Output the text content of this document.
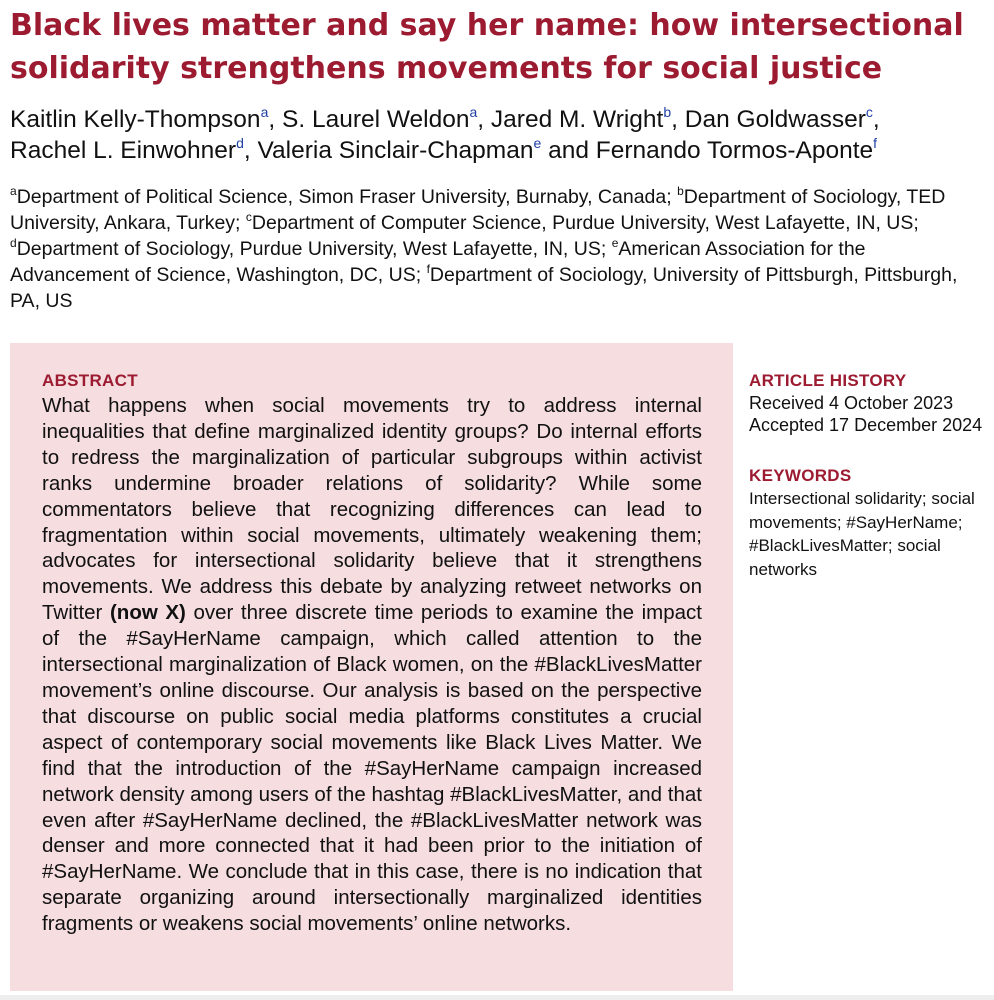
Black lives matter and say her name: how intersectional solidarity strengthens movements for social justice
Kaitlin Kelly-Thompson$^a$, S. Laurel Weldon$^a$, Jared M. Wright$^b$, Dan Goldwasser$^c$,
Rachel L. Einwohner$^d$, Valeria Sinclair-Chapman$^e$ and Fernando Tormos-Aponte$^f$
$^a$Department of Political Science, Simon Fraser University, Burnaby, Canada; $^b$Department of Sociology, TED University, Ankara, Turkey; $^c$Department of Computer Science, Purdue University, West Lafayette, IN, US; $^d$Department of Sociology, Purdue University, West Lafayette, IN, US; $^e$American Association for the Advancement of Science, Washington, DC, US; $^f$Department of Sociology, University of Pittsburgh, Pittsburgh, PA, US
ABSTRACT

What happens when social movements try to address internal inequalities that define marginalized identity groups? Do internal efforts to redress the marginalization of particular subgroups within activist ranks undermine broader relations of solidarity? While some commentators believe that recognizing differences can lead to fragmentation within social movements, ultimately weakening them; advocates for intersectional solidarity believe that it strengthens movements. We address this debate by analyzing retweet networks on Twitter (now X) over three discrete time periods to examine the impact of the #SayHerName campaign, which called attention to the intersectional marginalization of Black women, on the #BlackLivesMatter movement’s online discourse. Our analysis is based on the perspective that discourse on public social media platforms constitutes a crucial aspect of contemporary social movements like Black Lives Matter. We find that the introduction of the #SayHerName campaign increased network density among users of the hashtag #BlackLivesMatter, and that even after #SayHerName declined, the #BlackLivesMatter network was denser and more connected that it had been prior to the initiation of #SayHerName. We conclude that in this case, there is no indication that separate organizing around intersectionally marginalized identities fragments or weakens social movements’ online networks.

ARTICLE HISTORY
Received 4 October 2023
Accepted 17 December 2024
KEYWORDS
Intersectional solidarity; social movements; #SayHerName; #BlackLivesMatter; social networks
